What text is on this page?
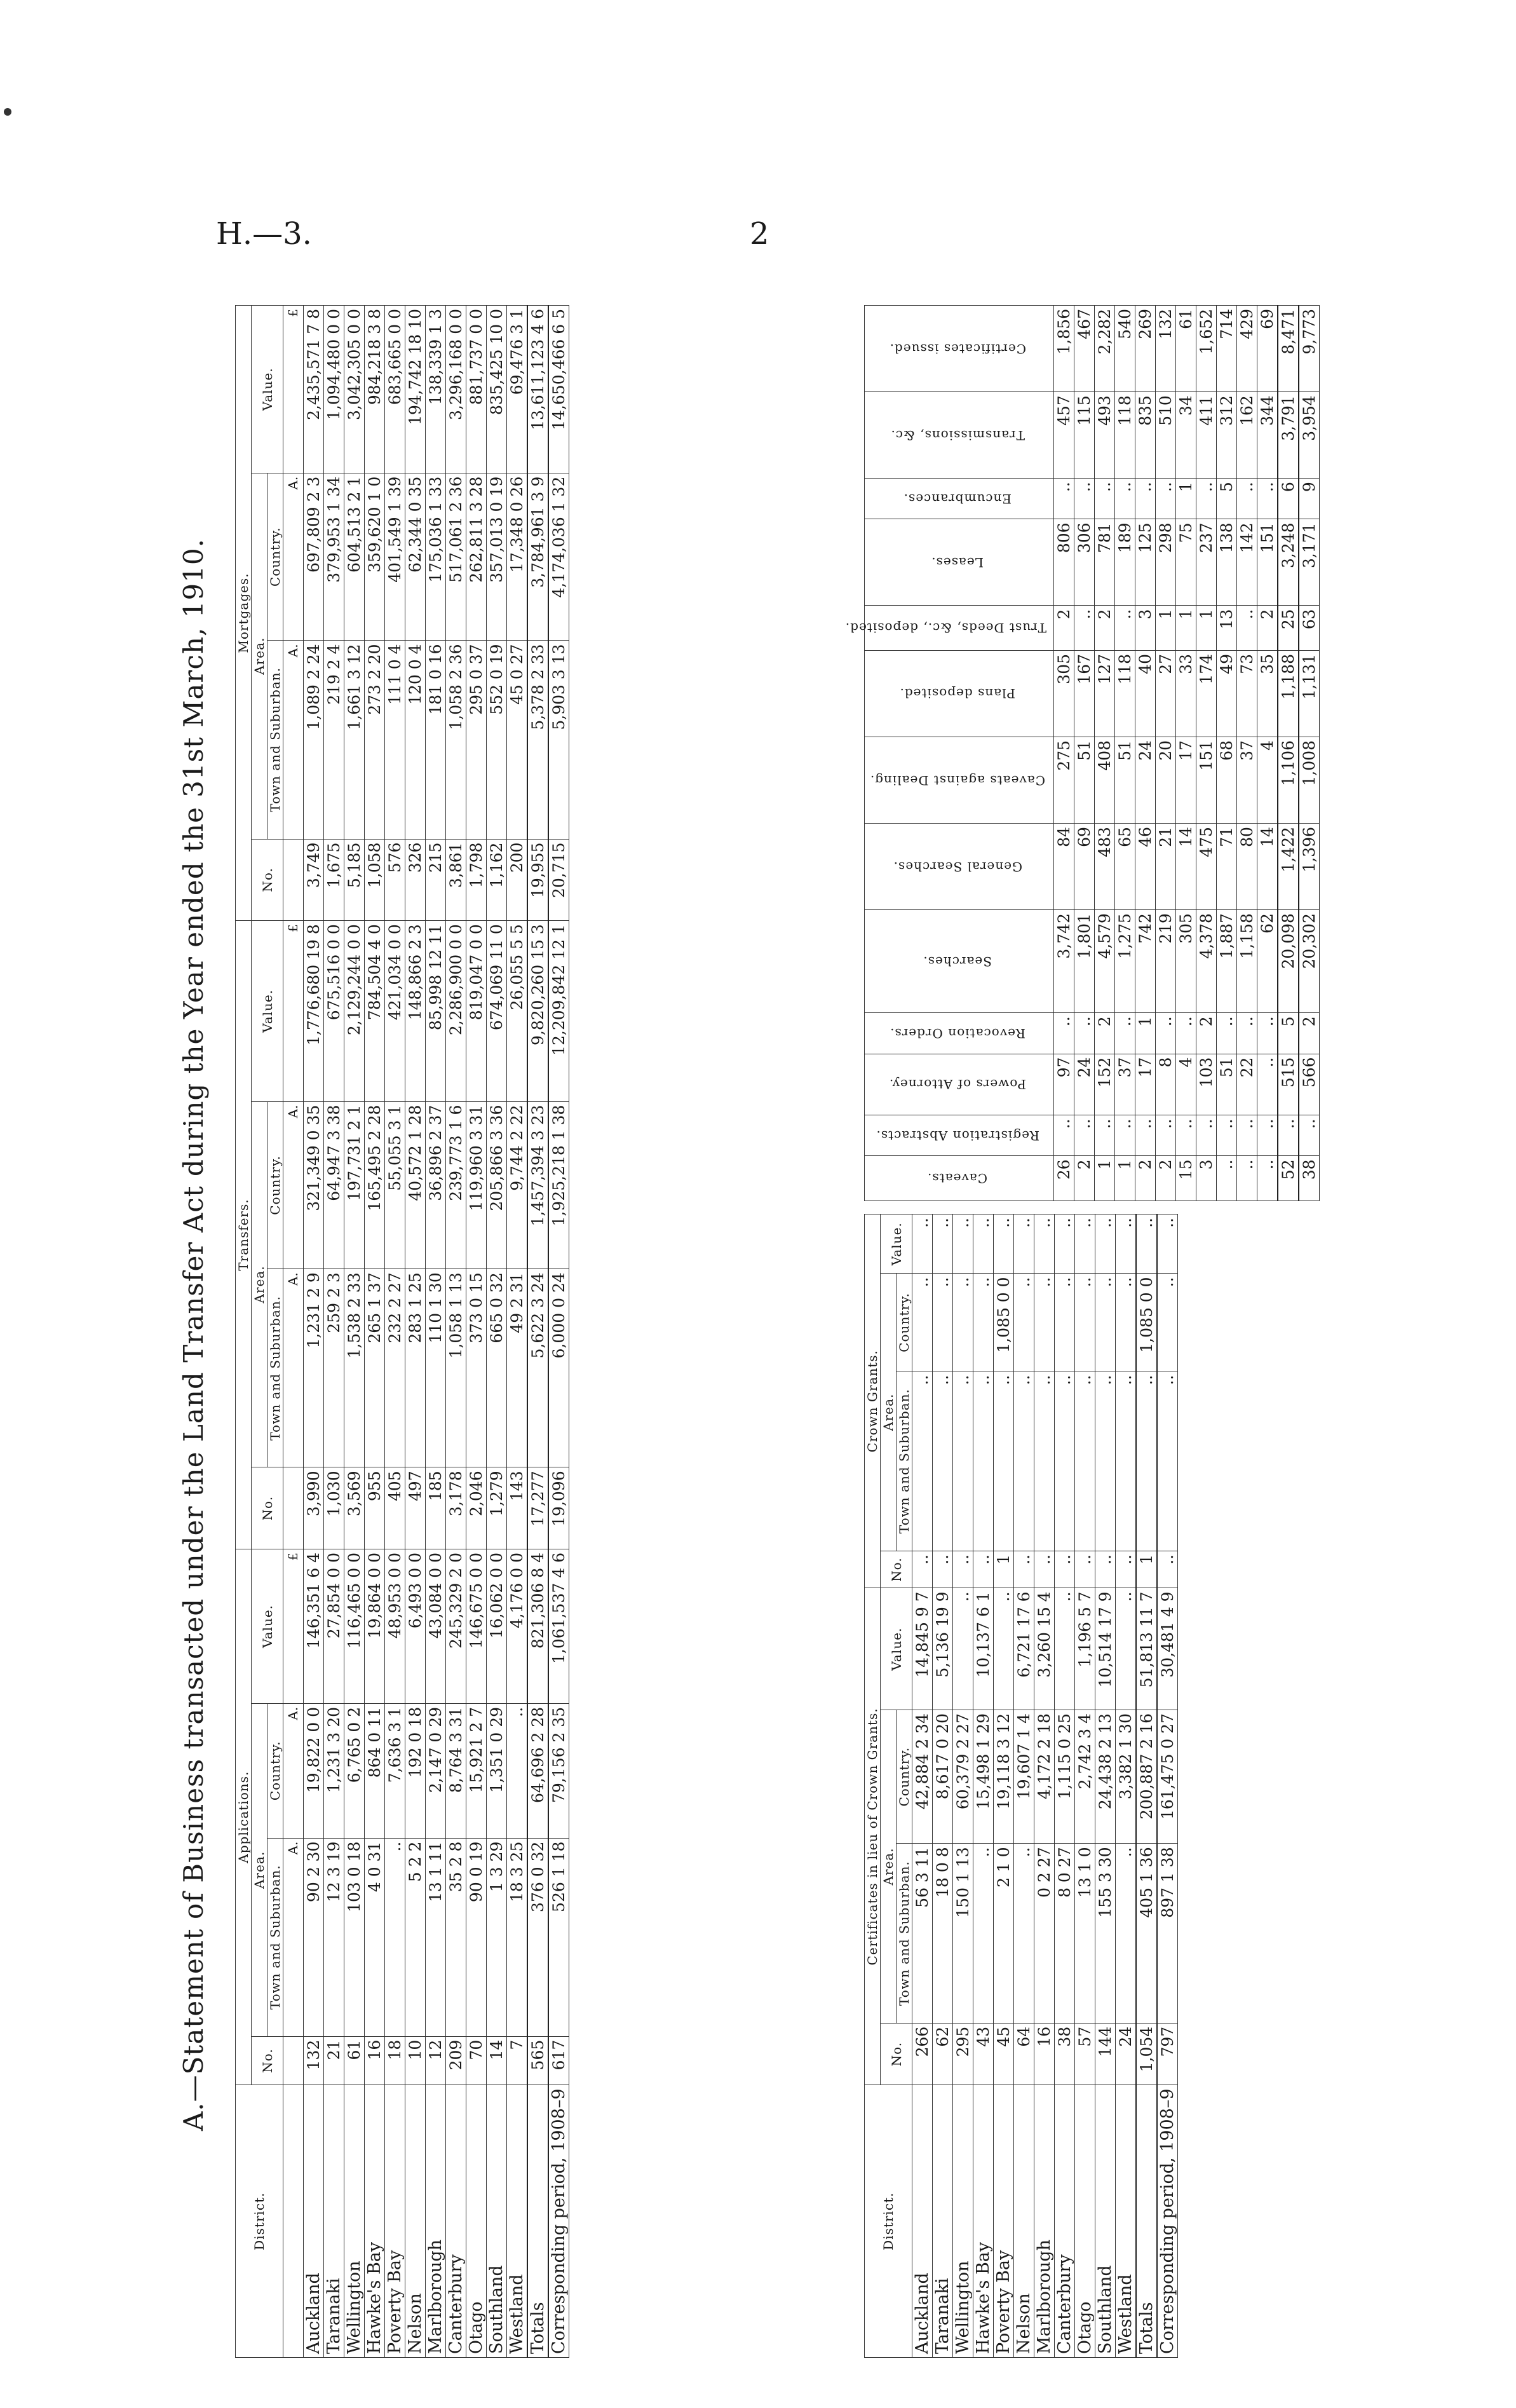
H.—3.	2
A.—Statement of Business transacted under the Land Transfer Act during the Year ended the 31st March, 1910.
District.	Applications.				Transfers.				Mortgages.			
	No.	Area.		Value.	No.	Area.		Value.	No.	Area.		Value.
		Town and Suburban.	Country.			Town and Suburban.	Country.			Town and Suburban.	Country.	
		A.	A.	£		A.	A.	£		A.	A.	£
Auckland	132	90 2 30	19,822 0 0	146,351 6 4	3,990	1,231 2 9	321,349 0 35	1,776,680 19 8	3,749	1,089 2 24	697,809 2 3	2,435,571 7 8
Taranaki	21	12 3 19	1,231 3 20	27,854 0 0	1,030	259 2 3	64,947 3 38	675,516 0 0	1,675	219 2 4	379,953 1 34	1,094,480 0 0
Wellington	61	103 0 18	6,765 0 2	116,465 0 0	3,569	1,538 2 33	197,731 2 1	2,129,244 0 0	5,185	1,661 3 12	604,513 2 1	3,042,305 0 0
Hawke's Bay	16	4 0 31	864 0 11	19,864 0 0	955	265 1 37	165,495 2 28	784,504 4 0	1,058	273 2 20	359,620 1 0	984,218 3 8
Poverty Bay	18	..	7,636 3 1	48,953 0 0	405	232 2 27	55,055 3 1	421,034 0 0	576	111 0 4	401,549 1 39	683,665 0 0
Nelson	10	5 2 2	192 0 18	6,493 0 0	497	283 1 25	40,572 1 28	148,866 2 3	326	120 0 4	62,344 0 35	194,742 18 10
Marlborough	12	13 1 11	2,147 0 29	43,084 0 0	185	110 1 30	36,896 2 37	85,998 12 11	215	181 0 16	175,036 1 33	138,339 1 3
Canterbury	209	35 2 8	8,764 3 31	245,329 2 0	3,178	1,058 1 13	239,773 1 6	2,286,900 0 0	3,861	1,058 2 36	517,061 2 36	3,296,168 0 0
Otago	70	90 0 19	15,921 2 7	146,675 0 0	2,046	373 0 15	119,960 3 31	819,047 0 0	1,798	295 0 37	262,811 3 28	881,737 0 0
Southland	14	1 3 29	1,351 0 29	16,062 0 0	1,279	665 0 32	205,866 3 36	674,069 11 0	1,162	552 0 19	357,013 0 19	835,425 10 0
Westland	7	18 3 25	..	4,176 0 0	143	49 2 31	9,744 2 22	26,055 5 5	200	45 0 27	17,348 0 26	69,476 3 1
Totals	565	376 0 32	64,696 2 28	821,306 8 4	17,277	5,622 3 24	1,457,394 3 23	9,820,260 15 3	19,955	5,378 2 33	3,784,961 3 9	13,611,123 4 6
Corresponding period, 1908–9	617	526 1 18	79,156 2 35	1,061,537 4 6	19,096	6,000 0 24	1,925,218 1 38	12,209,842 12 1	20,715	5,903 3 13	4,174,036 1 32	14,650,466 6 5
District.	Certificates in lieu of Crown Grants.				Crown Grants.			
	No.	Area.		Value.	No.	Area.		Value.
		Town and Suburban.	Country.			Town and Suburban.	Country.	
Auckland	266	56 3 11	42,884 2 34	14,845 9 7	..	..	..	..
Taranaki	62	18 0 8	8,617 0 20	5,136 19 9	..	..	..	..
Wellington	295	150 1 13	60,379 2 27	..	..	..	..	..
Hawke's Bay	43	..	15,498 1 29	10,137 6 1	..	..	..	..
Poverty Bay	45	2 1 0	19,118 3 12	..	1	..	1,085 0 0	..
Nelson	64	..	19,607 1 4	6,721 17 6	..	..	..	..
Marlborough	16	0 2 27	4,172 2 18	3,260 15 4	..	..	..	..
Canterbury	38	8 0 27	1,115 0 25	..	..	..	..	..
Otago	57	13 1 0	2,742 3 4	1,196 5 7	..	..	..	..
Southland	144	155 3 30	24,438 2 13	10,514 17 9	..	..	..	..
Westland	24	..	3,382 1 30	..	..	..	..	..
Totals	1,054	405 1 36	200,887 2 16	51,813 11 7	1	..	1,085 0 0	..
Corresponding period, 1908–9	797	897 1 38	161,475 0 27	30,481 4 9	..	..	..	..
Caveats.	Registration Abstracts.	Powers of Attorney.	Revocation Orders.	Searches.	General Searches.	Caveats against Dealing.	Plans deposited.	Trust Deeds, &c., deposited.	Leases.	Encumbrances.	Transmissions, &c.	Certificates issued.
26	..	97	..	3,742	84	275	305	2	806	..	457	1,856
2	..	24	..	1,801	69	51	167	..	306	..	115	467
1	..	152	2	4,579	483	408	127	2	781	..	493	2,282
1	..	37	..	1,275	65	51	118	..	189	..	118	540
2	..	17	1	742	46	24	40	3	125	..	835	269
2	..	8	..	219	21	20	27	1	298	..	510	132
15	..	4	..	305	14	17	33	1	75	1	34	61
3	..	103	2	4,378	475	151	174	1	237	..	411	1,652
..	..	51	..	1,887	71	68	49	13	138	5	312	714
..	..	22	..	1,158	80	37	73	..	142	..	162	429
..	..	..	..	62	14	4	35	2	151	..	344	69
52	..	515	5	20,098	1,422	1,106	1,188	25	3,248	6	3,791	8,471
38	..	566	2	20,302	1,396	1,008	1,131	63	3,171	9	3,954	9,773
